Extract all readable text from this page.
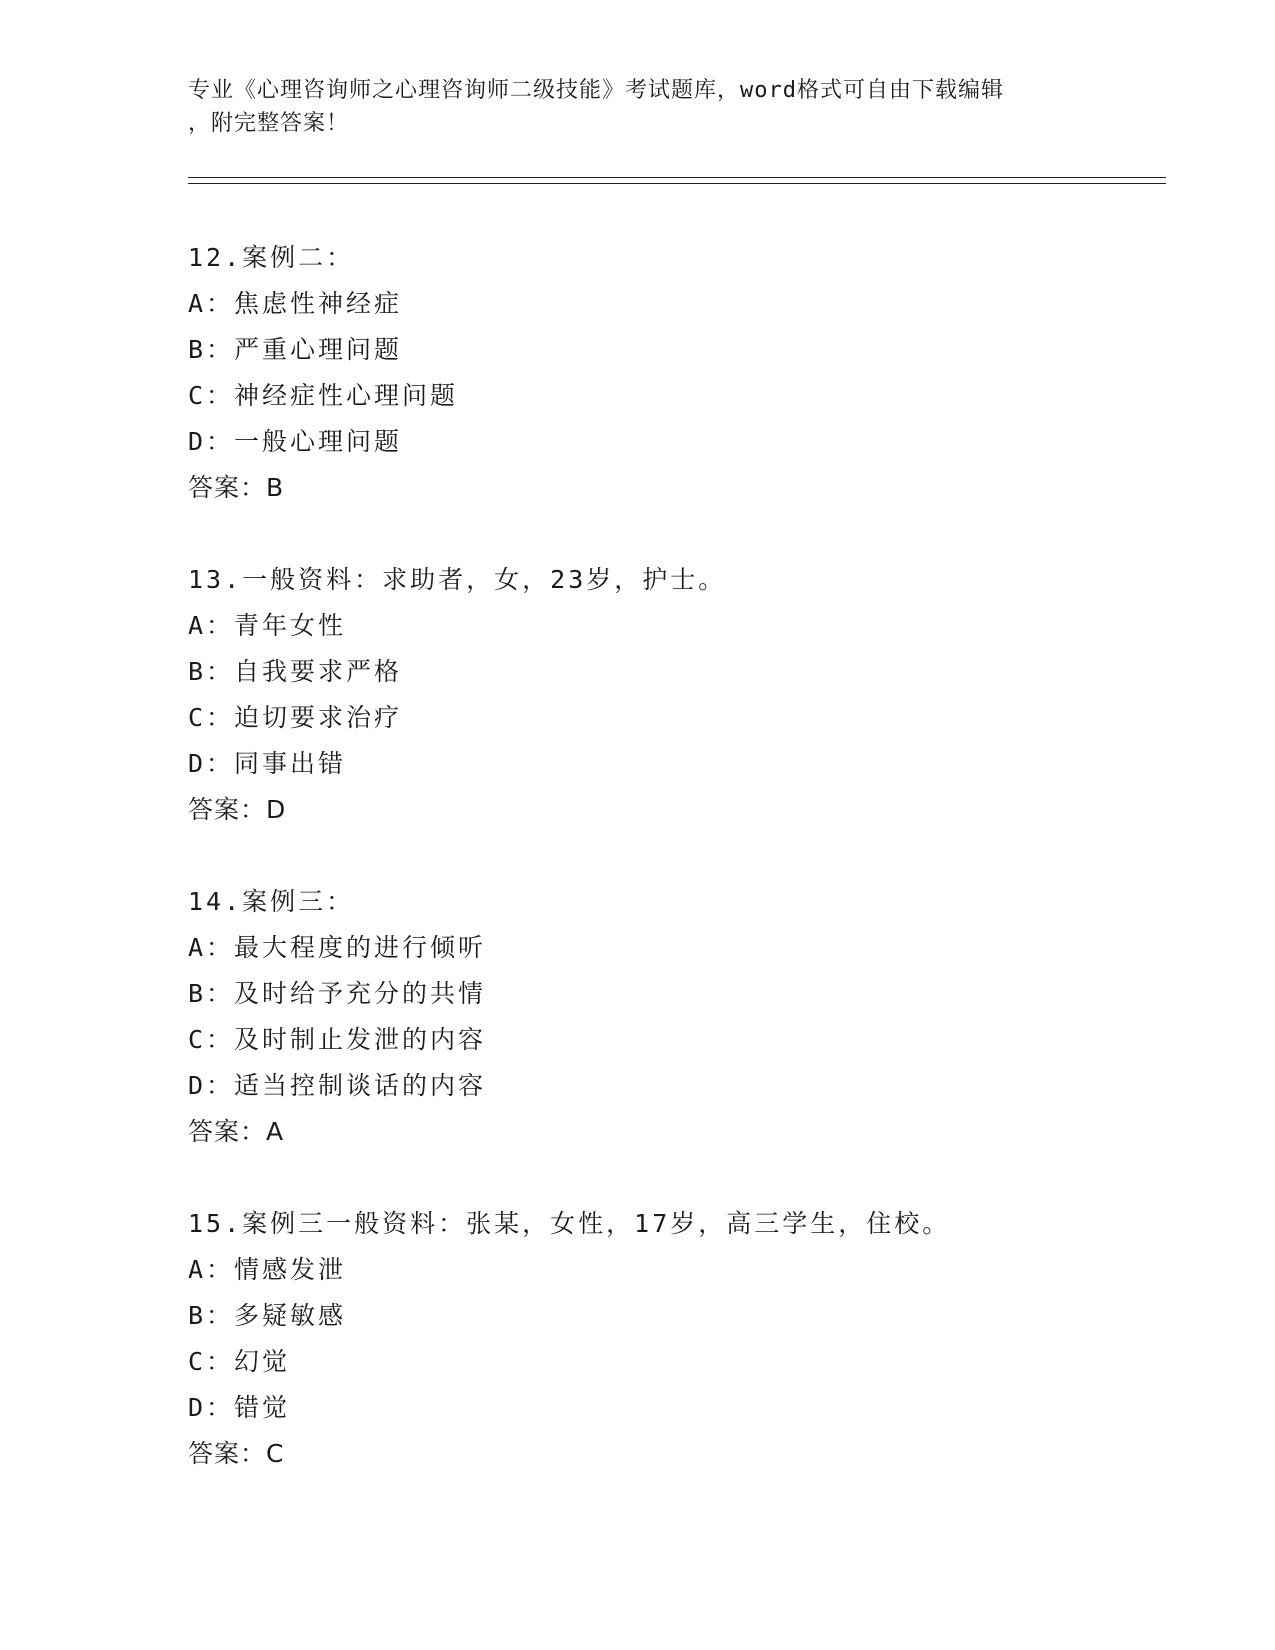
专业《心理咨询师之心理咨询师二级技能》考试题库，word格式可自由下载编辑
，附完整答案！
12.案例二：
A：焦虑性神经症
B：严重心理问题
C：神经症性心理问题
D：一般心理问题
答案：B
13.一般资料：求助者，女，23岁，护士。
A：青年女性
B：自我要求严格
C：迫切要求治疗
D：同事出错
答案：D
14.案例三：
A：最大程度的进行倾听
B：及时给予充分的共情
C：及时制止发泄的内容
D：适当控制谈话的内容
答案：A
15.案例三一般资料：张某，女性，17岁，高三学生，住校。
A：情感发泄
B：多疑敏感
C：幻觉
D：错觉
答案：C
